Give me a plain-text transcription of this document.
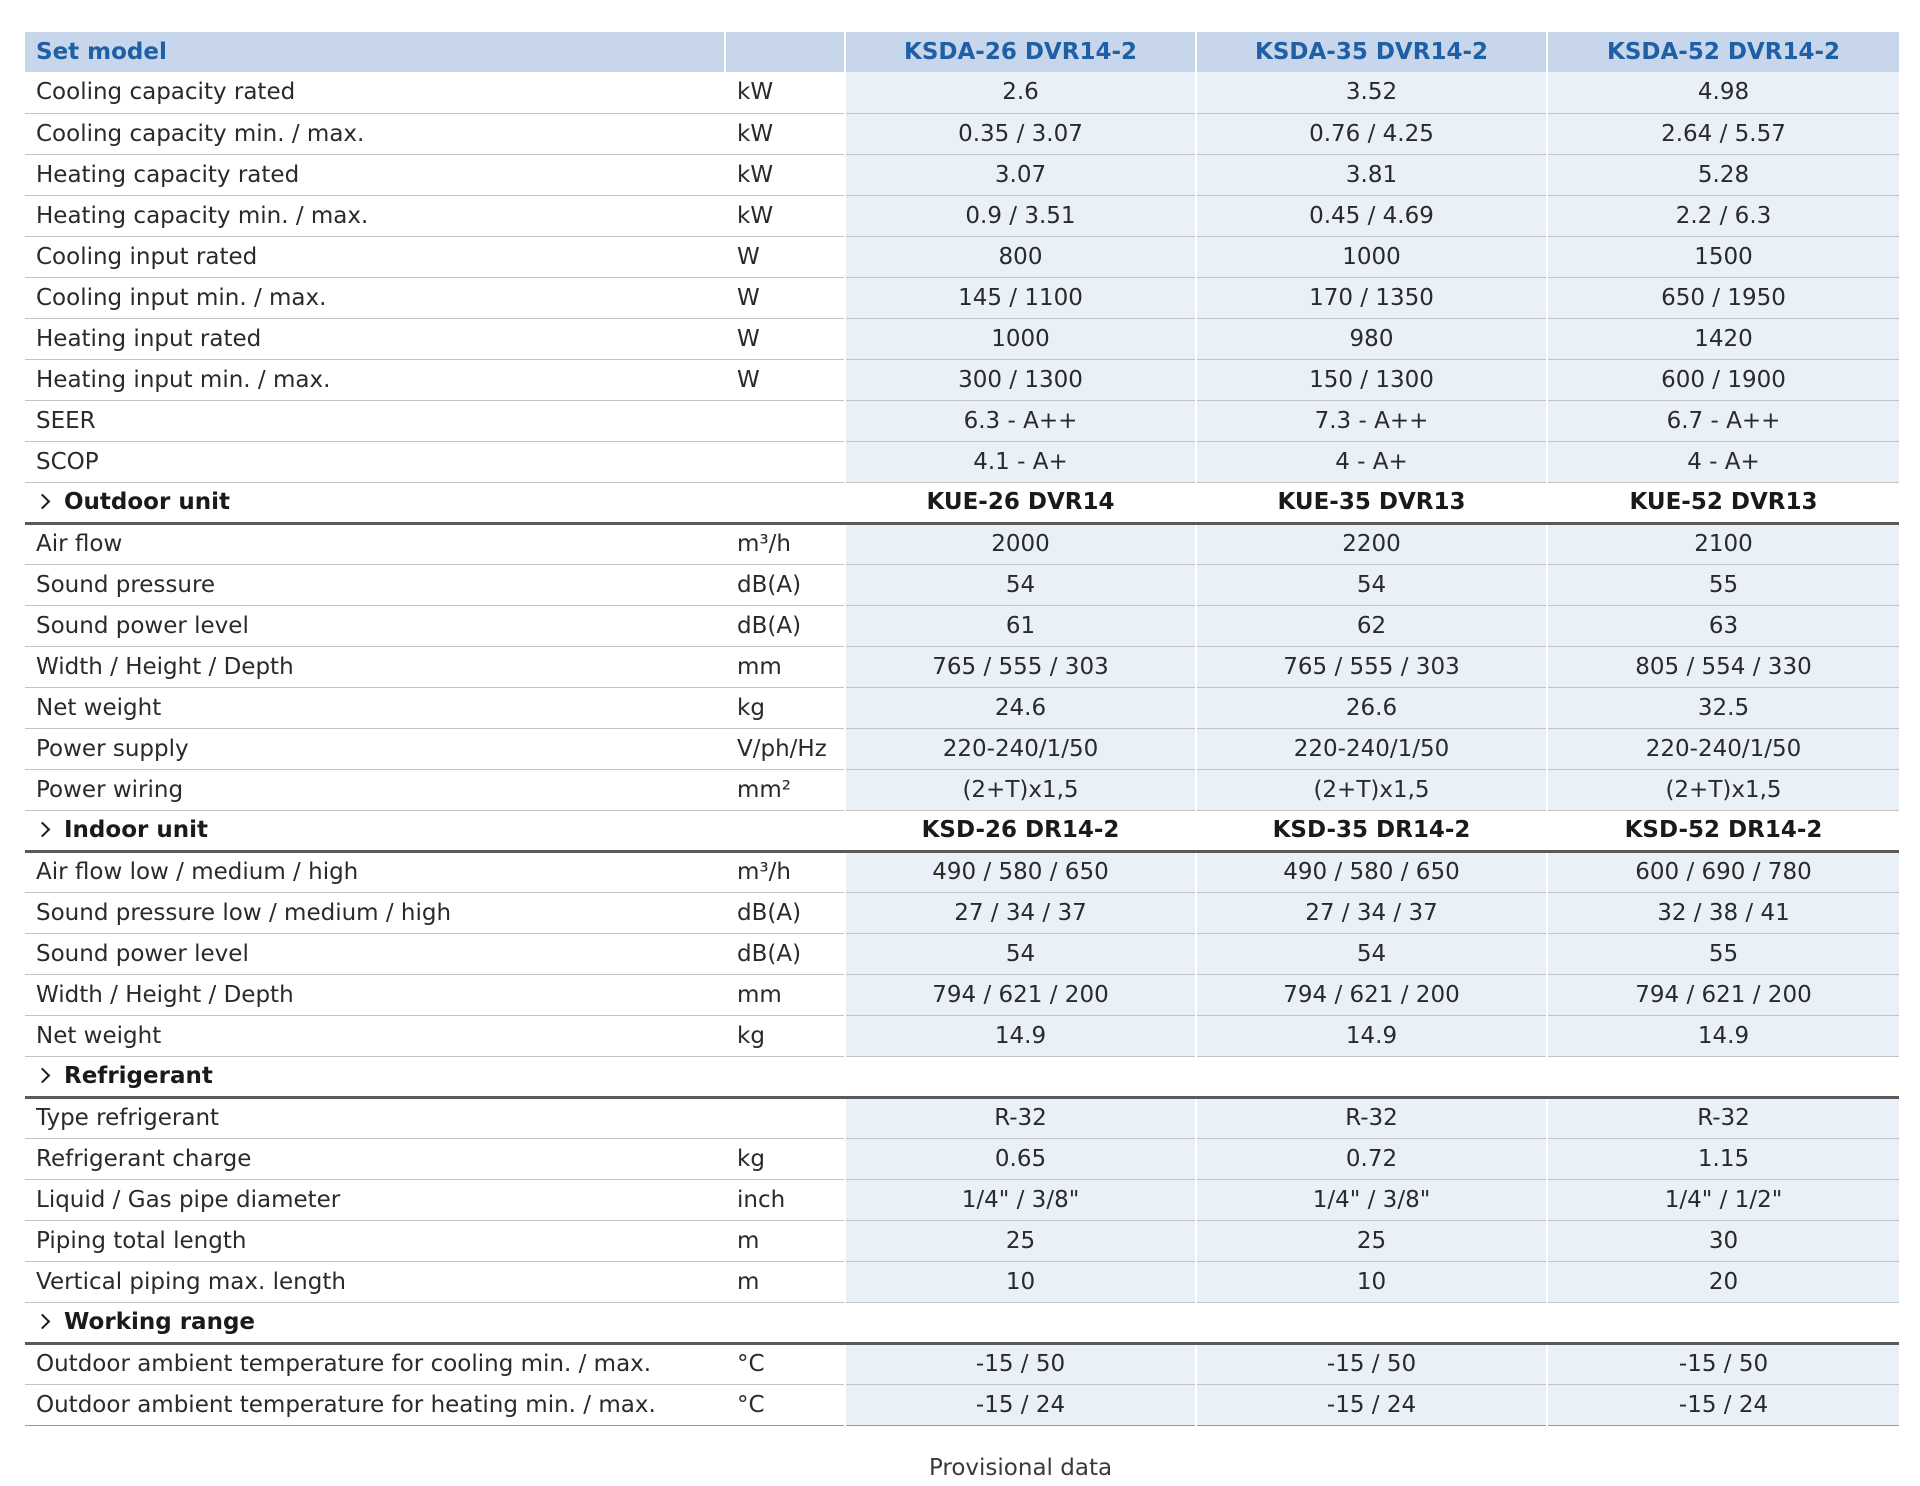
Set model		KSDA-26 DVR14-2	KSDA-35 DVR14-2	KSDA-52 DVR14-2
Cooling capacity rated	kW	2.6	3.52	4.98
Cooling capacity min. / max.	kW	0.35 / 3.07	0.76 / 4.25	2.64 / 5.57
Heating capacity rated	kW	3.07	3.81	5.28
Heating capacity min. / max.	kW	0.9 / 3.51	0.45 / 4.69	2.2 / 6.3
Cooling input rated	W	800	1000	1500
Cooling input min. / max.	W	145 / 1100	170 / 1350	650 / 1950
Heating input rated	W	1000	980	1420
Heating input min. / max.	W	300 / 1300	150 / 1300	600 / 1900
SEER		6.3 - A++	7.3 - A++	6.7 - A++
SCOP		4.1 - A+	4 - A+	4 - A+
Outdoor unit		KUE-26 DVR14	KUE-35 DVR13	KUE-52 DVR13
Air flow	m³/h	2000	2200	2100
Sound pressure	dB(A)	54	54	55
Sound power level	dB(A)	61	62	63
Width / Height / Depth	mm	765 / 555 / 303	765 / 555 / 303	805 / 554 / 330
Net weight	kg	24.6	26.6	32.5
Power supply	V/ph/Hz	220-240/1/50	220-240/1/50	220-240/1/50
Power wiring	mm²	(2+T)x1,5	(2+T)x1,5	(2+T)x1,5
Indoor unit		KSD-26 DR14-2	KSD-35 DR14-2	KSD-52 DR14-2
Air flow low / medium / high	m³/h	490 / 580 / 650	490 / 580 / 650	600 / 690 / 780
Sound pressure low / medium / high	dB(A)	27 / 34 / 37	27 / 34 / 37	32 / 38 / 41
Sound power level	dB(A)	54	54	55
Width / Height / Depth	mm	794 / 621 / 200	794 / 621 / 200	794 / 621 / 200
Net weight	kg	14.9	14.9	14.9
Refrigerant				
Type refrigerant		R-32	R-32	R-32
Refrigerant charge	kg	0.65	0.72	1.15
Liquid / Gas pipe diameter	inch	1/4" / 3/8"	1/4" / 3/8"	1/4" / 1/2"
Piping total length	m	25	25	30
Vertical piping max. length	m	10	10	20
Working range				
Outdoor ambient temperature for cooling min. / max.	°C	-15 / 50	-15 / 50	-15 / 50
Outdoor ambient temperature for heating min. / max.	°C	-15 / 24	-15 / 24	-15 / 24
Provisional data
